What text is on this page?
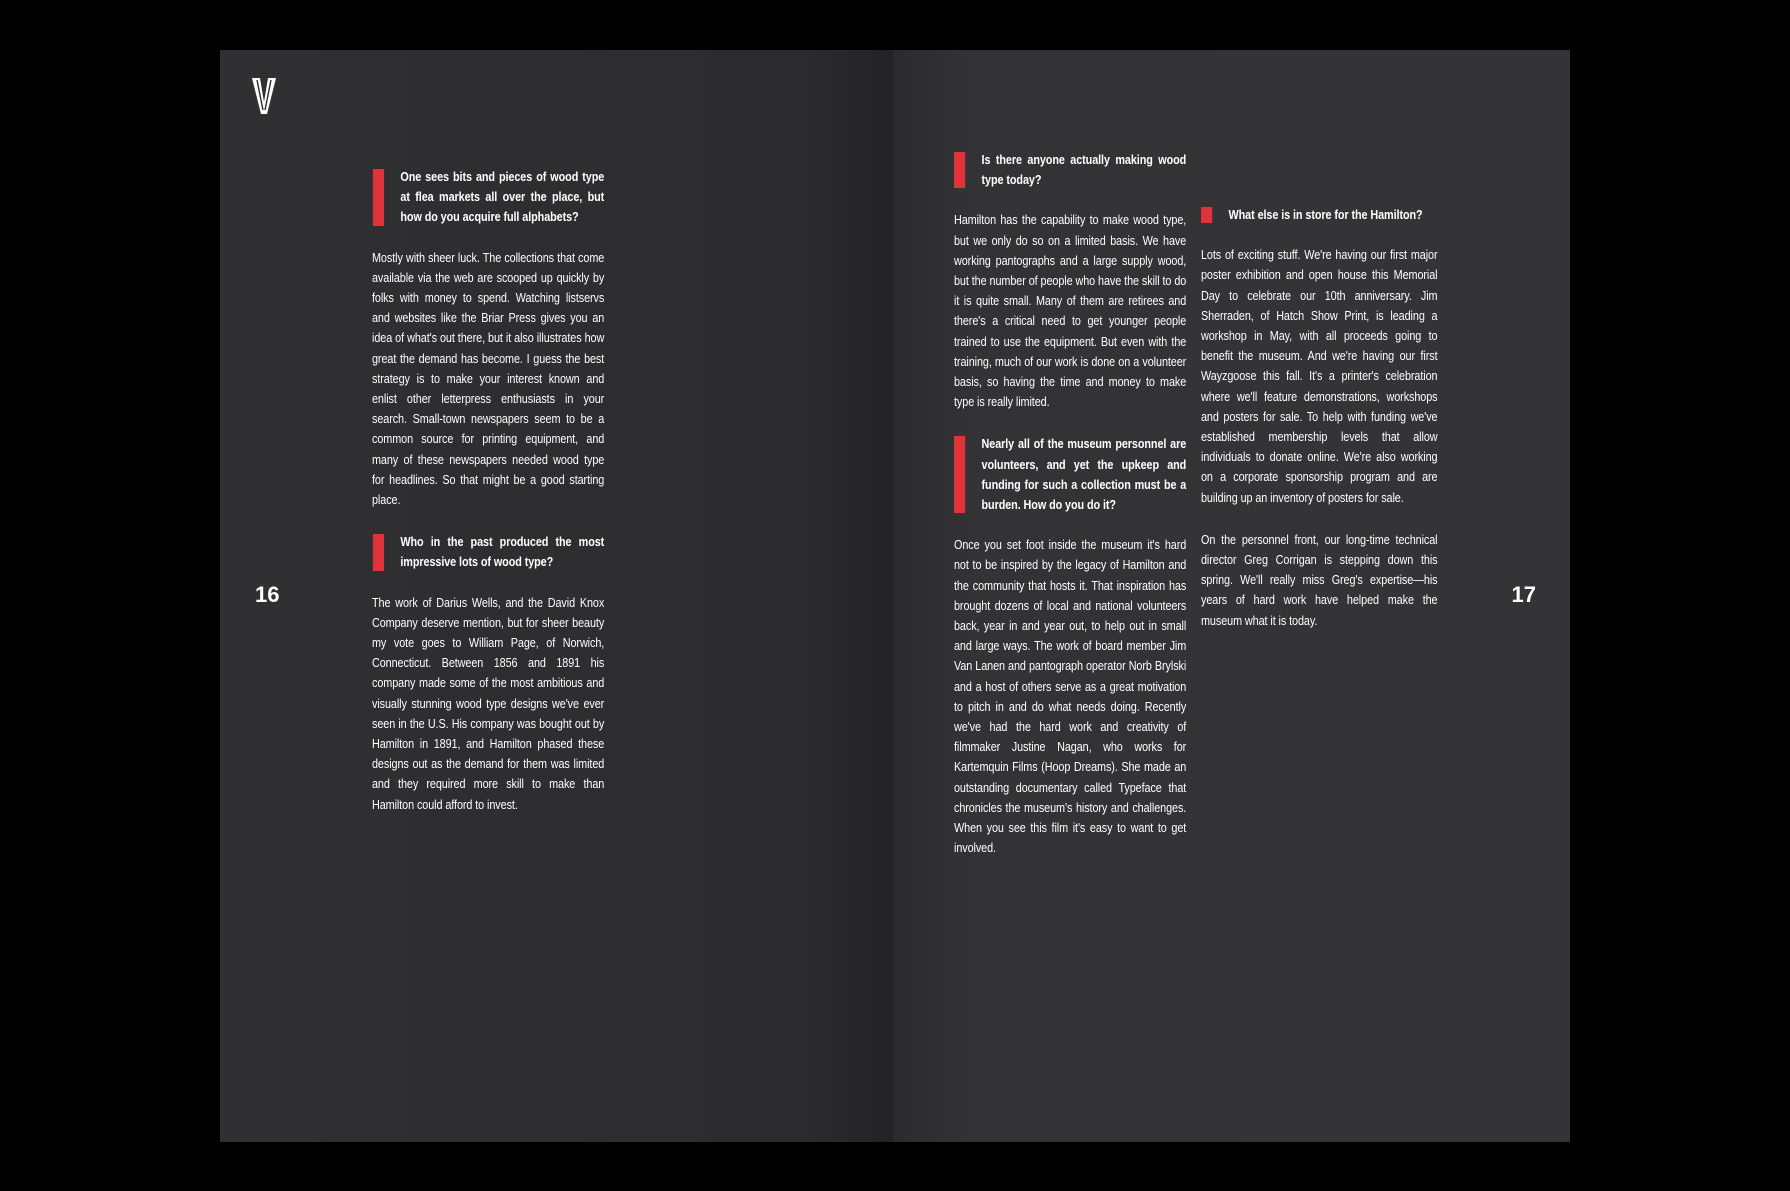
16
One sees bits and pieces of wood type at flea markets all over the place, but how do you acquire full alphabets?

Mostly with sheer luck. The collections that come available via the web are scooped up quickly by folks with money to spend. Watching listservs and websites like the Briar Press gives you an idea of what's out there, but it also illustrates how great the demand has become. I guess the best strategy is to make your interest known and enlist other letterpress enthusiasts in your search. Small-town newspapers seem to be a common source for printing equipment, and many of these newspapers needed wood type for headlines. So that might be a good starting place.

Who in the past produced the most impressive lots of wood type?

The work of Darius Wells, and the David Knox Company deserve mention, but for sheer beauty my vote goes to William Page, of Norwich, Connecticut. Between 1856 and 1891 his company made some of the most ambitious and visually stunning wood type designs we've ever seen in the U.S. His company was bought out by Hamilton in 1891, and Hamilton phased these designs out as the demand for them was limited and they required more skill to make than Hamilton could afford to invest.

17
Is there anyone actually making wood type today?

Hamilton has the capability to make wood type, but we only do so on a limited basis. We have working pantographs and a large supply wood, but the number of people who have the skill to do it is quite small. Many of them are retirees and there's a critical need to get younger people trained to use the equipment. But even with the training, much of our work is done on a volunteer basis, so having the time and money to make type is really limited.

Nearly all of the museum personnel are volunteers, and yet the upkeep and funding for such a collection must be a burden. How do you do it?

Once you set foot inside the museum it's hard not to be inspired by the legacy of Hamilton and the community that hosts it. That inspiration has brought dozens of local and national volunteers back, year in and year out, to help out in small and large ways. The work of board member Jim Van Lanen and pantograph operator Norb Brylski and a host of others serve as a great motivation to pitch in and do what needs doing. Recently we've had the hard work and creativity of filmmaker Justine Nagan, who works for Kartemquin Films (Hoop Dreams). She made an outstanding documentary called Typeface that chronicles the museum's history and challenges. When you see this film it's easy to want to get involved.

What else is in store for the Hamilton?

Lots of exciting stuff. We're having our first major poster exhibition and open house this Memorial Day to celebrate our 10th anniversary. Jim Sherraden, of Hatch Show Print, is leading a workshop in May, with all proceeds going to benefit the museum. And we're having our first Wayzgoose this fall. It's a printer's celebration where we'll feature demonstrations, workshops and posters for sale. To help with funding we've established membership levels that allow individuals to donate online. We're also working on a corporate sponsorship program and are building up an inventory of posters for sale.

On the personnel front, our long-time technical director Greg Corrigan is stepping down this spring. We'll really miss Greg's expertise—his years of hard work have helped make the museum what it is today.
